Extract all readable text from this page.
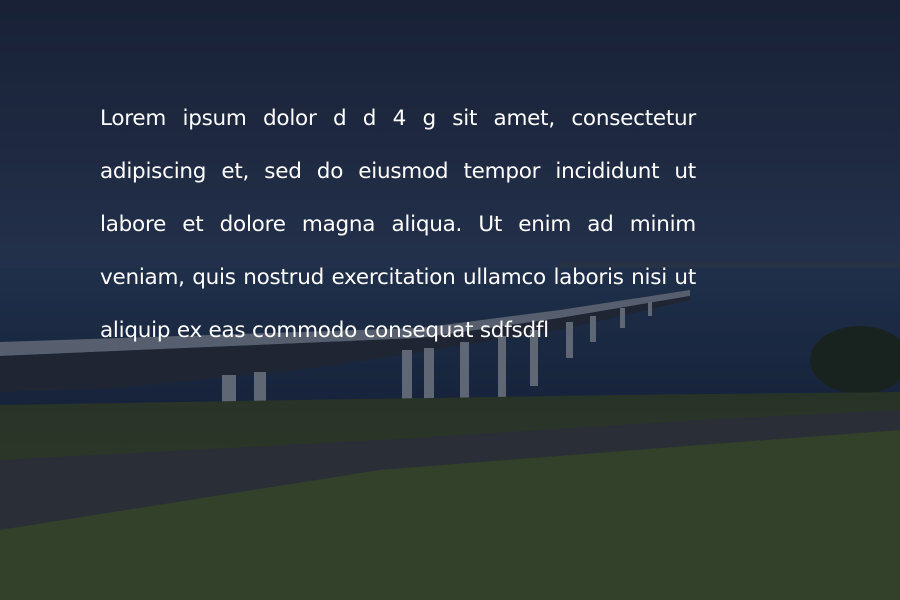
Lorem ipsum dolor d d 4 g sit amet, consectetur adipiscing et, sed do eiusmod tempor incididunt ut labore et dolore magna aliqua. Ut enim ad minim veniam, quis nostrud exercitation ullamco laboris nisi ut aliquip ex eas commodo consequat sdfsdfl
